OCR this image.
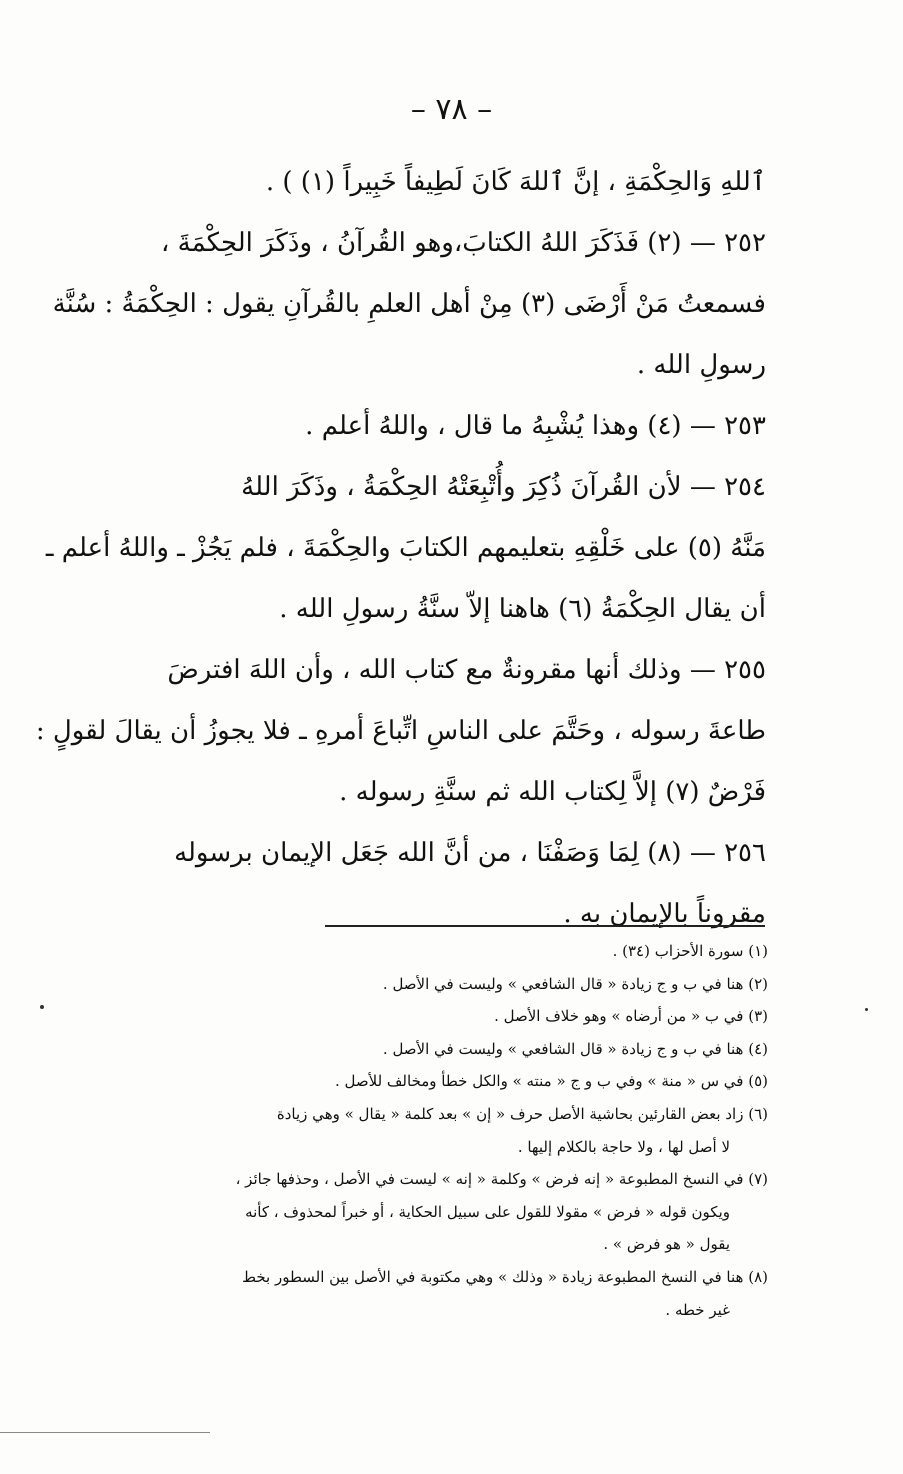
– ٧٨ –
ٱللهِ وَالحِكْمَةِ ، إنَّ ٱللهَ كَانَ لَطِيفاً خَبِيراً (١) ) .
٢٥٢ — (٢) فَذَكَرَ اللهُ الكتابَ،وهو القُرآنُ ، وذَكَرَ الحِكْمَةَ ،
فسمعتُ مَنْ أَرْضَى (٣) مِنْ أهل العلمِ بالقُرآنِ يقول : الحِكْمَةُ : سُنَّة
رسولِ الله .
٢٥٣ — (٤) وهذا يُشْبِهُ ما قال ، واللهُ أعلم .
٢٥٤ — لأن القُرآنَ ذُكِرَ وأُتْبِعَتْهُ الحِكْمَةُ ، وذَكَرَ اللهُ
مَنَّهُ (٥) على خَلْقِهِ بتعليمهم الكتابَ والحِكْمَةَ ، فلم يَجُزْ ـ واللهُ أعلم ـ
أن يقال الحِكْمَةُ (٦) هاهنا إلاّ سنَّةُ رسولِ الله .
٢٥٥ — وذلك أنها مقرونةٌ مع كتاب الله ، وأن اللهَ افترضَ
طاعةَ رسوله ، وحَتَّمَ على الناسِ اتِّباعَ أمرهِ ـ فلا يجوزُ أن يقالَ لقولٍ :
فَرْضٌ (٧) إلاَّ لِكتاب الله ثم سنَّةِ رسوله .
٢٥٦ — (٨) لِمَا وَصَفْنَا ، من أنَّ الله جَعَل الإيمان برسوله
مقروناً بالإيمان به .
(١) سورة الأحزاب (٣٤) .
(٢) هنا في ب و ج زيادة « قال الشافعي » وليست في الأصل .
(٣) في ب « من أرضاه » وهو خلاف الأصل .
(٤) هنا في ب و ج زيادة « قال الشافعي » وليست في الأصل .
(٥) في س « منة » وفي ب و ج « منته » والكل خطأ ومخالف للأصل .
(٦) زاد بعض القارئين بحاشية الأصل حرف « إن » بعد كلمة « يقال » وهي زيادة
لا أصل لها ، ولا حاجة بالكلام إليها .
(٧) في النسخ المطبوعة « إنه فرض » وكلمة « إنه » ليست في الأصل ، وحذفها جائز ،
ويكون قوله « فرض » مقولا للقول على سبيل الحكاية ، أو خبراً لمحذوف ، كأنه
يقول « هو فرض » .
(٨) هنا في النسخ المطبوعة زيادة « وذلك » وهي مكتوبة في الأصل بين السطور بخط
غير خطه .
